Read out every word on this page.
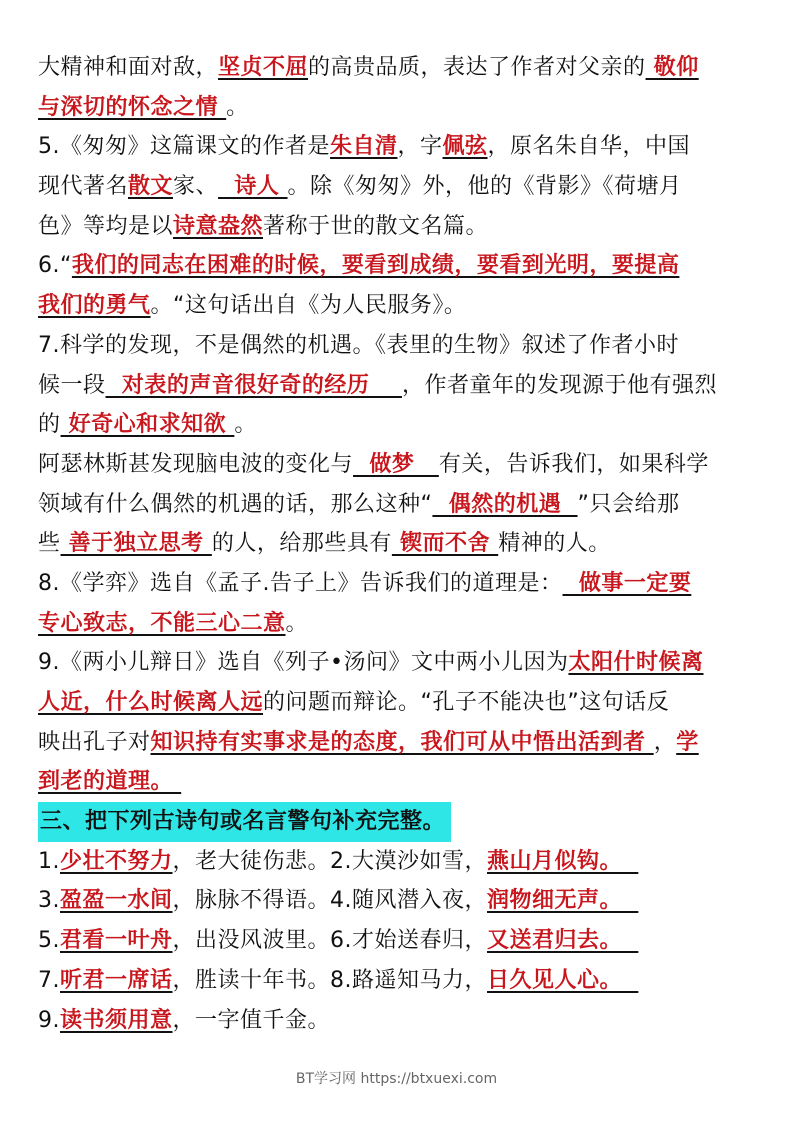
大精神和面对敌，坚贞不屈的高贵品质，表达了作者对父亲的 敬仰
与深切的怀念之情 。
5.《匆匆》这篇课文的作者是朱自清，字佩弦，原名朱自华，中国
现代著名散文家、  诗人 。除《匆匆》外，他的《背影》《荷塘月
色》等均是以诗意盎然著称于世的散文名篇。
6.“我们的同志在困难的时候，要看到成绩，要看到光明，要提高
我们的勇气。“这句话出自《为人民服务》。
7.科学的发现，不是偶然的机遇。《表里的生物》叙述了作者小时
候一段  对表的声音很好奇的经历    ，作者童年的发现源于他有强烈
的 好奇心和求知欲 。
阿瑟林斯甚发现脑电波的变化与  做梦   有关，告诉我们，如果科学
领域有什么偶然的机遇的话，那么这种“  偶然的机遇  ”只会给那
些 善于独立思考 的人，给那些具有 锲而不舍 精神的人。
8.《学弈》选自《孟子.告子上》告诉我们的道理是：  做事一定要
专心致志，不能三心二意。
9.《两小儿辩日》选自《列子•汤问》文中两小儿因为太阳什时候离
人近，什么时候离人远的问题而辩论。“孔子不能决也”这句话反
映出孔子对知识持有实事求是的态度，我们可从中悟出活到者 ，学
到老的道理。
三、把下列古诗句或名言警句补充完整。
1.少壮不努力，老大徒伤悲。2.大漠沙如雪，燕山月似钩。
3.盈盈一水间，脉脉不得语。4.随风潜入夜，润物细无声。
5.君看一叶舟，出没风波里。6.才始送春归，又送君归去。
7.听君一席话，胜读十年书。8.路遥知马力，日久见人心。
9.读书须用意，一字值千金。
BT学习网 https://btxuexi.com
